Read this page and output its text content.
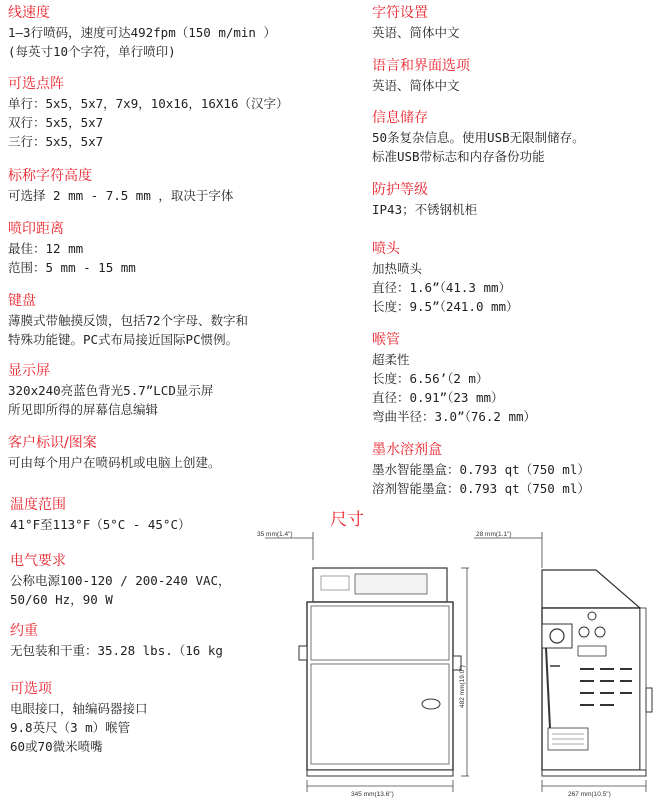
线速度
1—3行喷码，速度可达492fpm（150 m/min ）
(每英寸10个字符，单行喷印)
可选点阵
单行：5x5，5x7，7x9，10x16，16X16（汉字）
双行：5x5，5x7
三行：5x5，5x7
标称字符高度
可选择 2 mm - 7.5 mm ，取决于字体
喷印距离
最佳：12 mm
范围：5 mm - 15 mm
键盘
薄膜式带触摸反馈，包括72个字母、数字和
特殊功能键。PC式布局接近国际PC惯例。
显示屏
320x240亮蓝色背光5.7”LCD显示屏
所见即所得的屏幕信息编辑
客户标识/图案
可由每个用户在喷码机或电脑上创建。
温度范围
41°F至113°F（5°C - 45°C）
电气要求
公称电源100-120 / 200-240 VAC，
50/60 Hz，90 W
约重
无包装和干重：35.28 lbs.（16 kg
可选项
电眼接口，轴编码器接口
9.8英尺（3 m）喉管
60或70微米喷嘴
字符设置
英语、简体中文
语言和界面选项
英语、简体中文
信息储存
50条复杂信息。使用USB无限制储存。
标准USB带标志和内存备份功能
防护等级
IP43；不锈钢机柜
喷头
加热喷头
直径：1.6”（41.3 mm）
长度：9.5”（241.0 mm）
喉管
超柔性
长度：6.56’（2 m）
直径：0.91”（23 mm）
弯曲半径：3.0”（76.2 mm）
墨水溶剂盒
墨水智能墨盒：0.793 qt（750 ml）
溶剂智能墨盒：0.793 qt（750 ml）
尺寸
35 mm(1.4")
482 mm(19.0")
345 mm(13.6")
28 mm(1.1")
267 mm(10.5")
